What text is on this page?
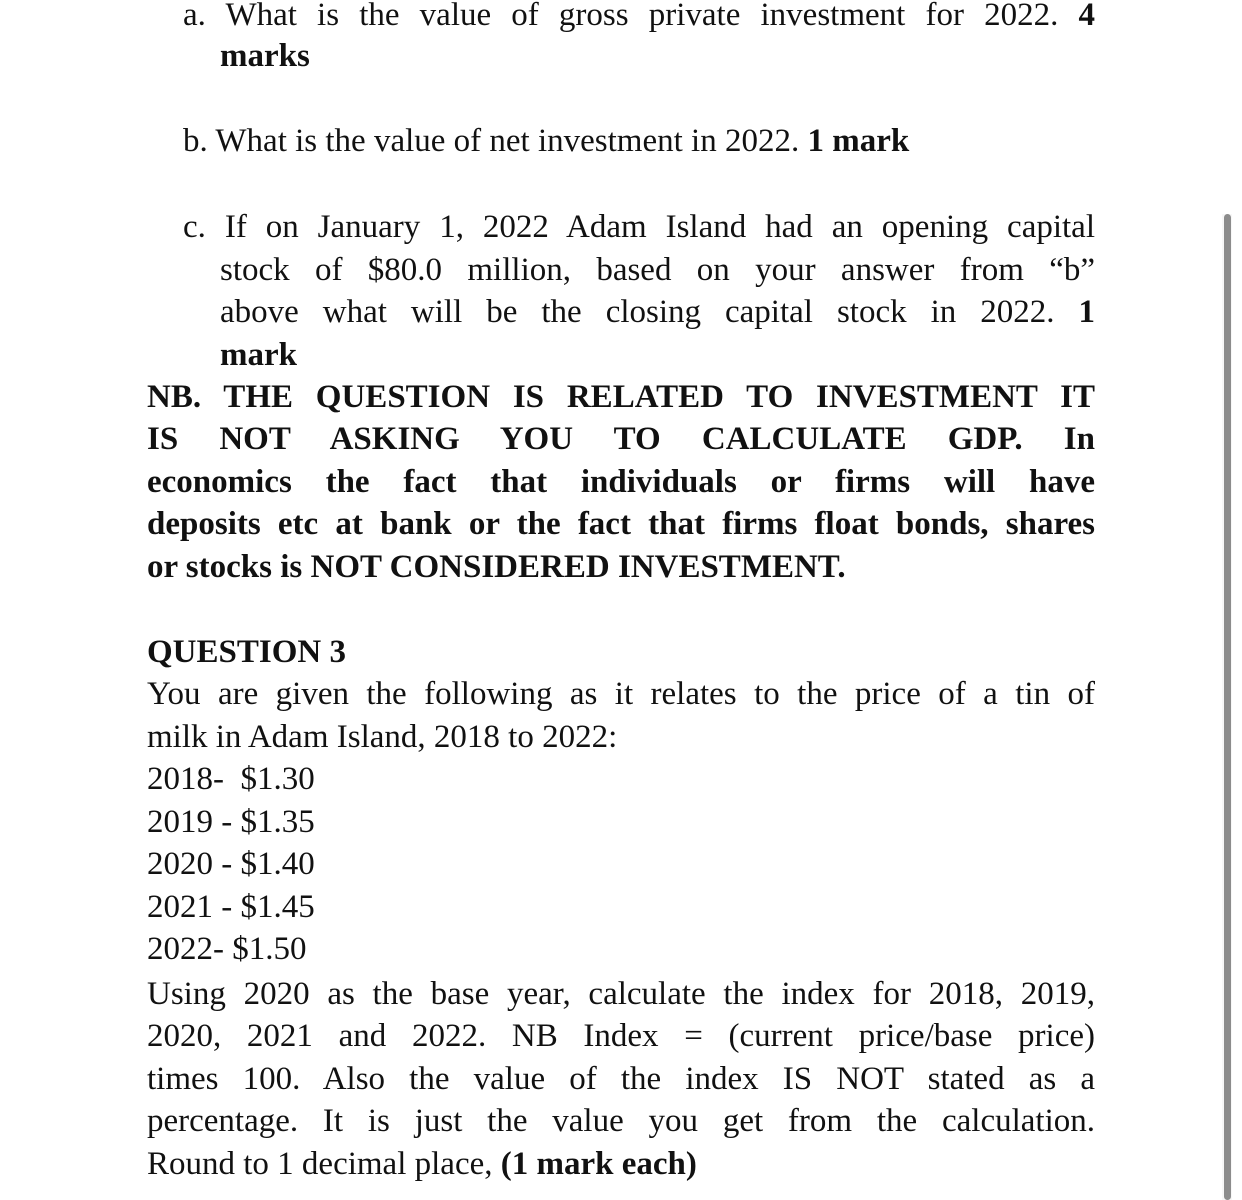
a. What is the value of gross private investment for 2022. 4
marks
b. What is the value of net investment in 2022. 1 mark
c. If on January 1, 2022 Adam Island had an opening capital
stock of $80.0 million, based on your answer from “b”
above what will be the closing capital stock in 2022. 1
mark
NB. THE QUESTION IS RELATED TO INVESTMENT IT
IS NOT ASKING YOU TO CALCULATE GDP. In
economics the fact that individuals or firms will have
deposits etc at bank or the fact that firms float bonds, shares
or stocks is NOT CONSIDERED INVESTMENT.
QUESTION 3
You are given the following as it relates to the price of a tin of
milk in Adam Island, 2018 to 2022:
2018-  $1.30
2019 - $1.35
2020 - $1.40
2021 - $1.45
2022- $1.50
Using 2020 as the base year, calculate the index for 2018, 2019,
2020, 2021 and 2022. NB Index = (current price/base price)
times 100. Also the value of the index IS NOT stated as a
percentage. It is just the value you get from the calculation.
Round to 1 decimal place, (1 mark each)
